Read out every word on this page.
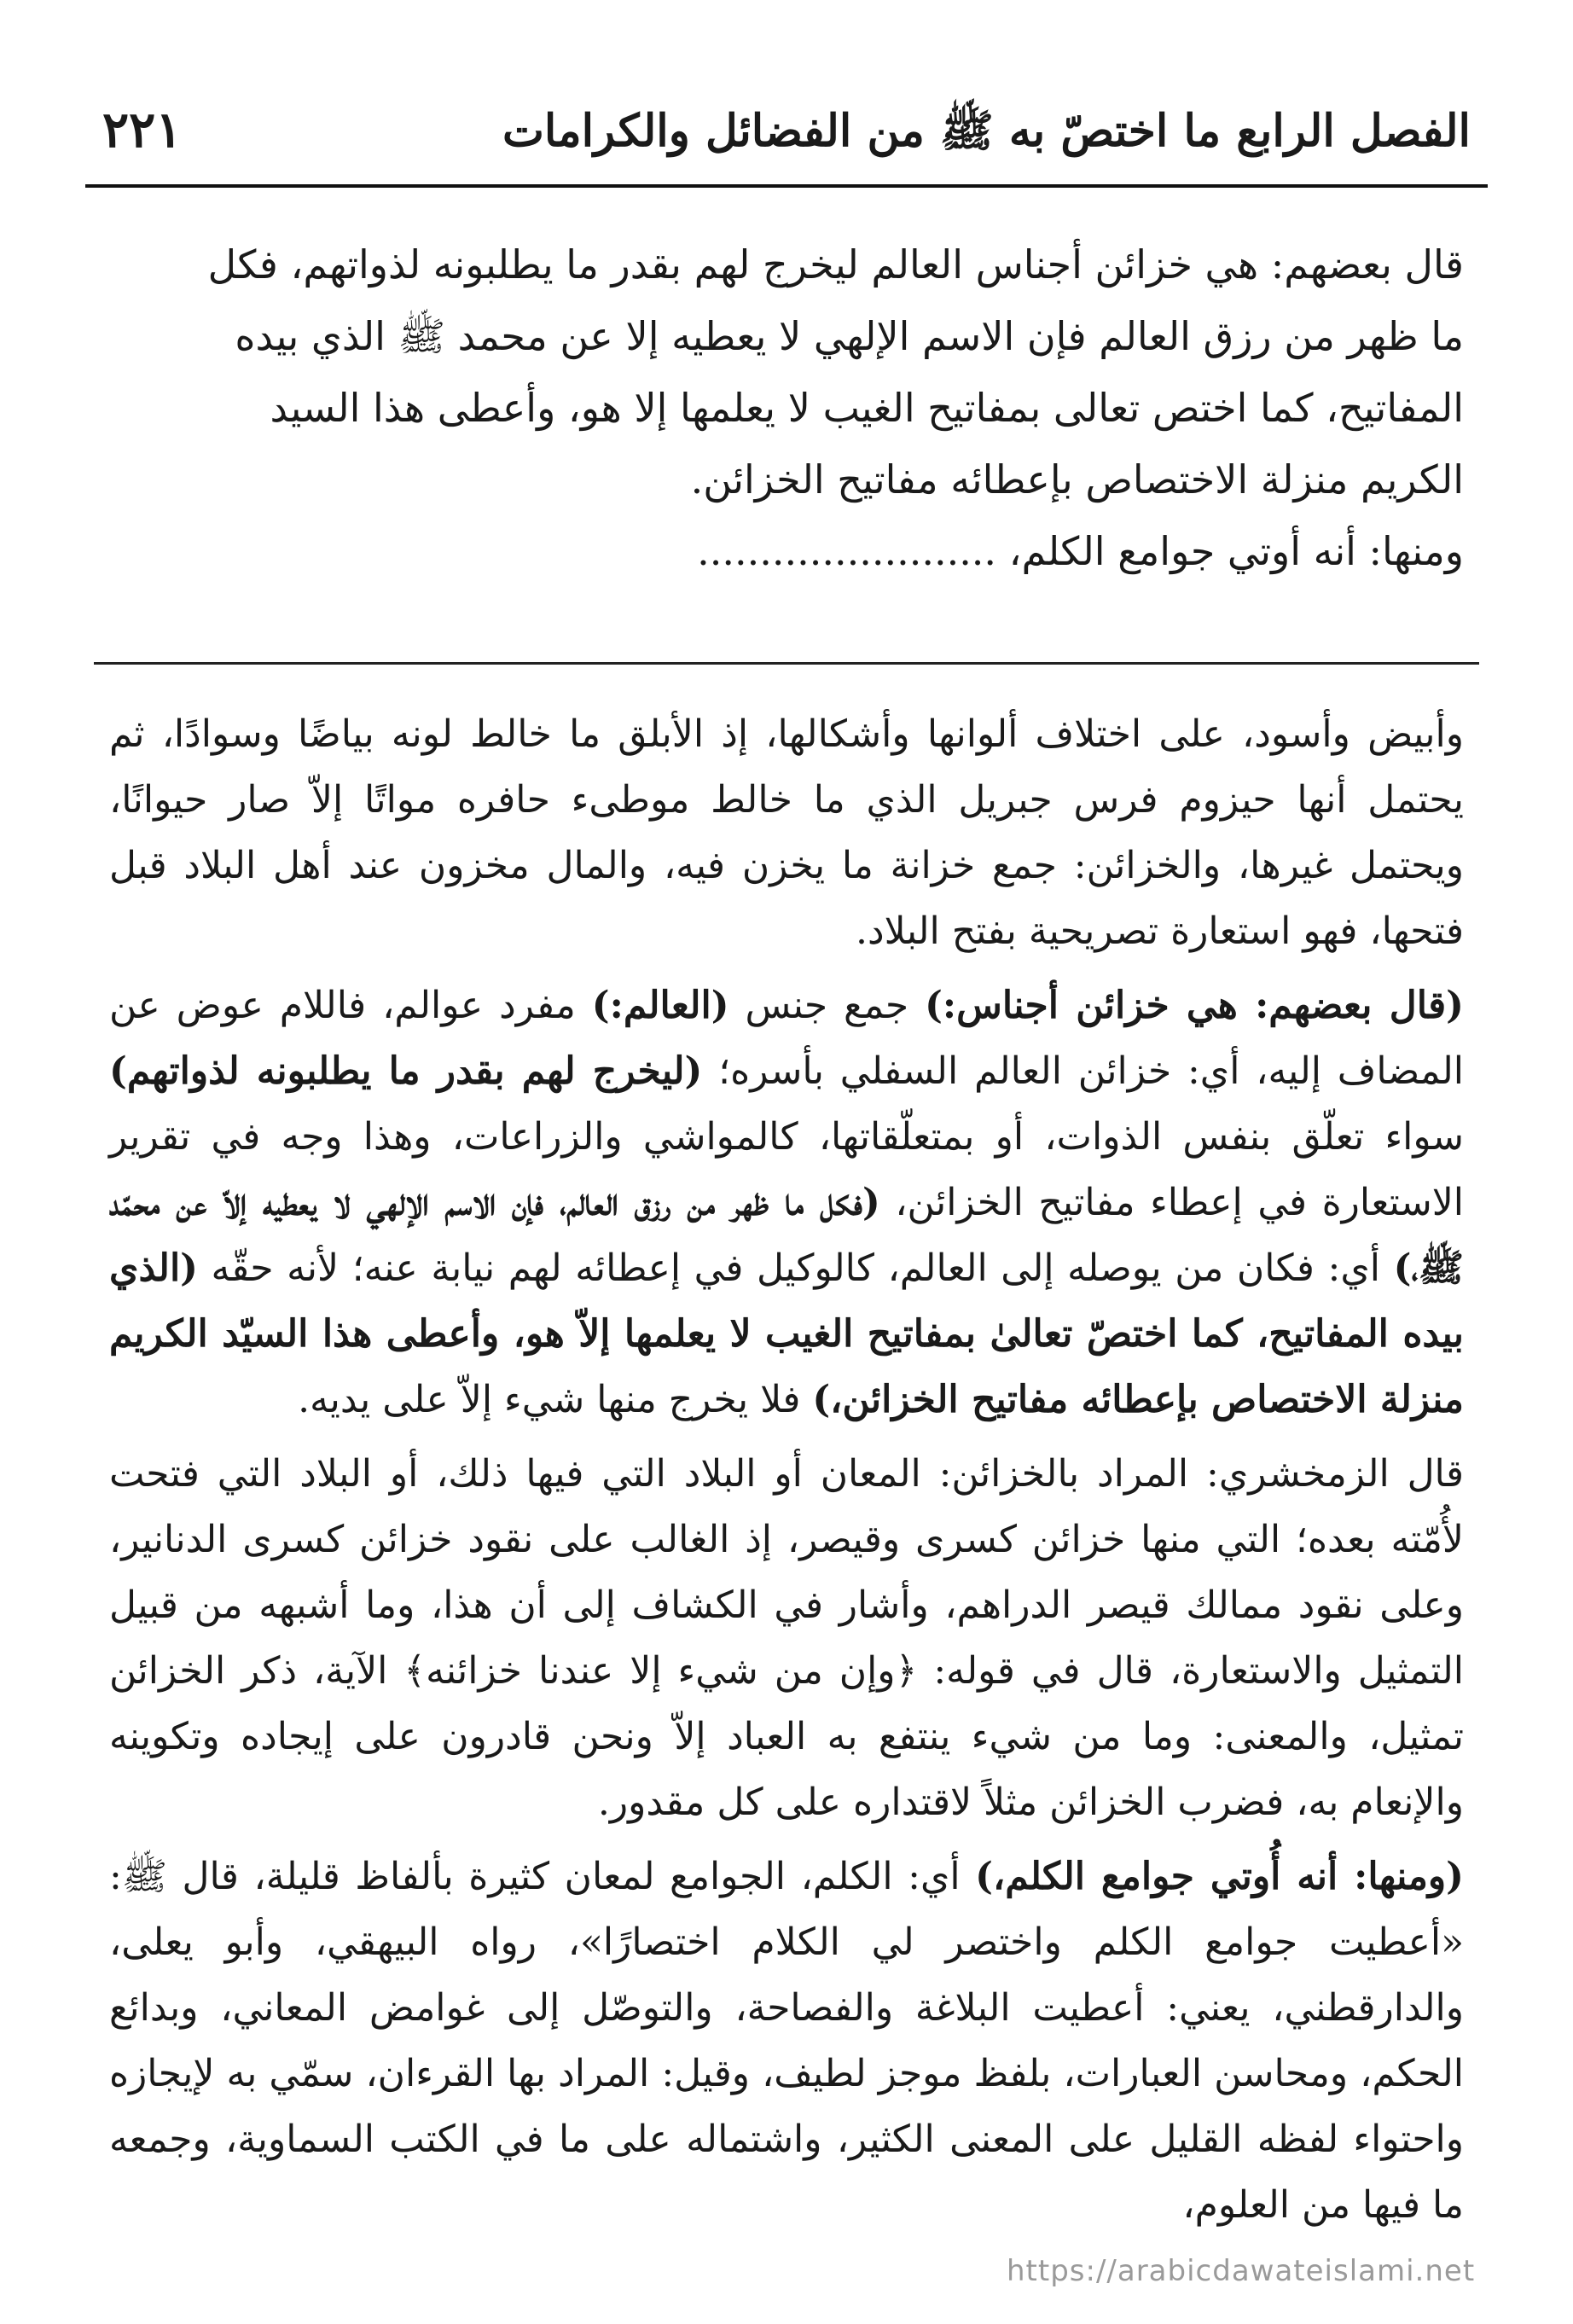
الفصل الرابع ما اختصّ به ﷺ من الفضائل والكرامات
٢٢١

قال بعضهم: هي خزائن أجناس العالم ليخرج لهم بقدر ما يطلبونه لذواتهم، فكل

ما ظهر من رزق العالم فإن الاسم الإلهي لا يعطيه إلا عن محمد ﷺ الذي بيده

المفاتيح، كما اختص تعالى بمفاتيح الغيب لا يعلمها إلا هو، وأعطى هذا السيد

الكريم منزلة الاختصاص بإعطائه مفاتيح الخزائن.

ومنها: أنه أوتي جوامع الكلم، ........................

وأبيض وأسود، على اختلاف ألوانها وأشكالها، إذ الأبلق ما خالط لونه بياضًا وسوادًا، ثم يحتمل أنها حيزوم فرس جبريل الذي ما خالط موطىء حافره مواتًا إلاّ صار حيوانًا، ويحتمل غيرها، والخزائن: جمع خزانة ما يخزن فيه، والمال مخزون عند أهل البلاد قبل فتحها، فهو استعارة تصريحية بفتح البلاد.

(قال بعضهم: هي خزائن أجناس:) جمع جنس (العالم:) مفرد عوالم، فاللام عوض عن المضاف إليه، أي: خزائن العالم السفلي بأسره؛ (ليخرج لهم بقدر ما يطلبونه لذواتهم) سواء تعلّق بنفس الذوات، أو بمتعلّقاتها، كالمواشي والزراعات، وهذا وجه في تقرير الاستعارة في إعطاء مفاتيح الخزائن، (فكل ما ظهر من رزق العالم، فإن الاسم الإلهي لا يعطيه إلاّ عن محمّد ﷺ،) أي: فكان من يوصله إلى العالم، كالوكيل في إعطائه لهم نيابة عنه؛ لأنه حقّه (الذي بيده المفاتيح، كما اختصّ تعالىٰ بمفاتيح الغيب لا يعلمها إلاّ هو، وأعطى هذا السيّد الكريم منزلة الاختصاص بإعطائه مفاتيح الخزائن،) فلا يخرج منها شيء إلاّ على يديه.

قال الزمخشري: المراد بالخزائن: المعان أو البلاد التي فيها ذلك، أو البلاد التي فتحت لأُمّته بعده؛ التي منها خزائن كسرى وقيصر، إذ الغالب على نقود خزائن كسرى الدنانير، وعلى نقود ممالك قيصر الدراهم، وأشار في الكشاف إلى أن هذا، وما أشبهه من قبيل التمثيل والاستعارة، قال في قوله: ﴿وإن من شيء إلا عندنا خزائنه﴾ الآية، ذكر الخزائن تمثيل، والمعنى: وما من شيء ينتفع به العباد إلاّ ونحن قادرون على إيجاده وتكوينه والإنعام به، فضرب الخزائن مثلاً لاقتداره على كل مقدور.

(ومنها: أنه أُوتي جوامع الكلم،) أي: الكلم، الجوامع لمعان كثيرة بألفاظ قليلة، قال ﷺ: «أعطيت جوامع الكلم واختصر لي الكلام اختصارًا»، رواه البيهقي، وأبو يعلى، والدارقطني، يعني: أعطيت البلاغة والفصاحة، والتوصّل إلى غوامض المعاني، وبدائع الحكم، ومحاسن العبارات، بلفظ موجز لطيف، وقيل: المراد بها القرءان، سمّي به لإيجازه واحتواء لفظه القليل على المعنى الكثير، واشتماله على ما في الكتب السماوية، وجمعه ما فيها من العلوم،

https://arabicdawateislami.net
